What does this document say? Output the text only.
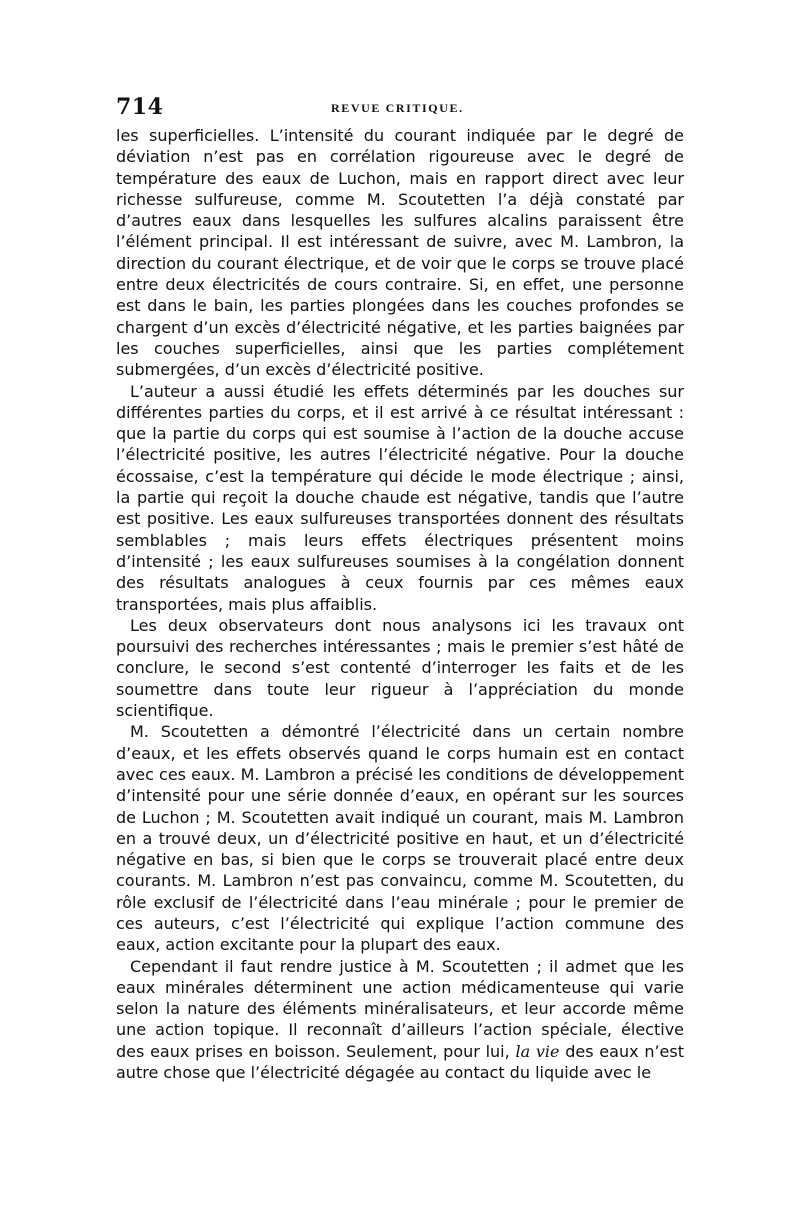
714	REVUE CRITIQUE.

les superficielles. L’intensité du courant indiquée par le degré de déviation n’est pas en corrélation rigoureuse avec le degré de température des eaux de Luchon, mais en rapport direct avec leur richesse sulfureuse, comme M. Scoutetten l’a déjà constaté par d’autres eaux dans lesquelles les sulfures alcalins paraissent être l’élément principal. Il est intéressant de suivre, avec M. Lambron, la direction du courant électrique, et de voir que le corps se trouve placé entre deux électricités de cours contraire. Si, en effet, une personne est dans le bain, les parties plongées dans les couches profondes se chargent d’un excès d’électricité négative, et les parties baignées par les couches superficielles, ainsi que les parties complétement submergées, d’un excès d’électricité positive.

L’auteur a aussi étudié les effets déterminés par les douches sur différentes parties du corps, et il est arrivé à ce résultat intéressant : que la partie du corps qui est soumise à l’action de la douche accuse l’électricité positive, les autres l’électricité négative. Pour la douche écossaise, c’est la température qui décide le mode électrique ; ainsi, la partie qui reçoit la douche chaude est négative, tandis que l’autre est positive. Les eaux sulfureuses transportées donnent des résultats semblables ; mais leurs effets électriques présentent moins d’intensité ; les eaux sulfureuses soumises à la congélation donnent des résultats analogues à ceux fournis par ces mêmes eaux transportées, mais plus affaiblis.

Les deux observateurs dont nous analysons ici les travaux ont poursuivi des recherches intéressantes ; mais le premier s’est hâté de conclure, le second s’est contenté d’interroger les faits et de les soumettre dans toute leur rigueur à l’appréciation du monde scientifique.

M. Scoutetten a démontré l’électricité dans un certain nombre d’eaux, et les effets observés quand le corps humain est en contact avec ces eaux. M. Lambron a précisé les conditions de développement d’intensité pour une série donnée d’eaux, en opérant sur les sources de Luchon ; M. Scoutetten avait indiqué un courant, mais M. Lambron en a trouvé deux, un d’électricité positive en haut, et un d’électricité négative en bas, si bien que le corps se trouverait placé entre deux courants. M. Lambron n’est pas convaincu, comme M. Scoutetten, du rôle exclusif de l’électricité dans l’eau minérale ; pour le premier de ces auteurs, c’est l’électricité qui explique l’action commune des eaux, action excitante pour la plupart des eaux.

Cependant il faut rendre justice à M. Scoutetten ; il admet que les eaux minérales déterminent une action médicamenteuse qui varie selon la nature des éléments minéralisateurs, et leur accorde même une action topique. Il reconnaît d’ailleurs l’action spéciale, élective des eaux prises en boisson. Seulement, pour lui, la vie des eaux n’est autre chose que l’électricité dégagée au contact du liquide avec le
